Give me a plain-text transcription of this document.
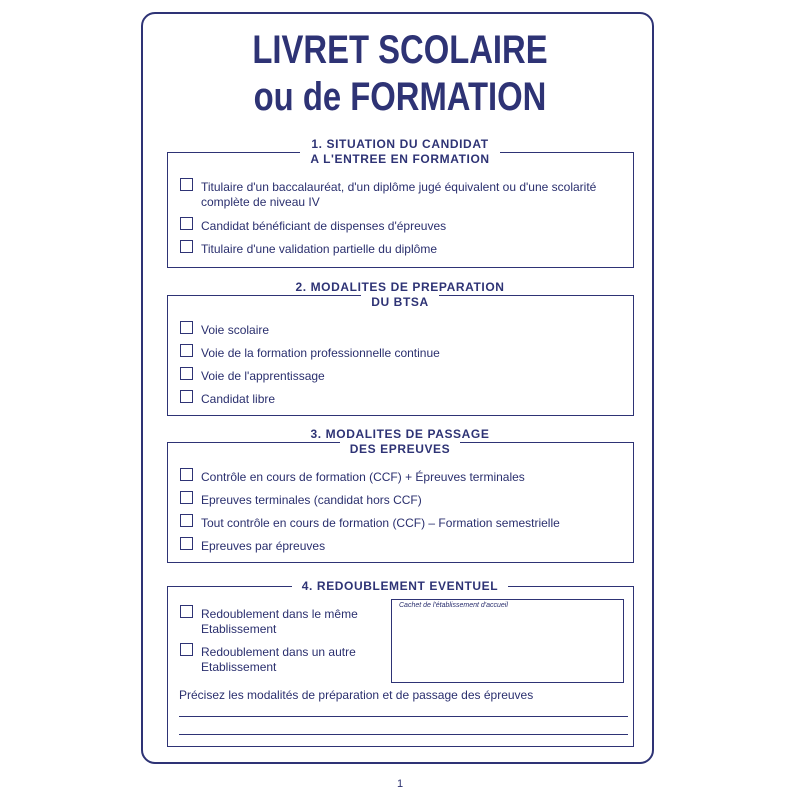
LIVRET SCOLAIRE
ou de FORMATION
1. SITUATION DU CANDIDAT
A L'ENTREE EN FORMATION
Titulaire d'un baccalauréat, d'un diplôme jugé équivalent ou d'une scolarité
complète de niveau IV
Candidat bénéficiant de dispenses d'épreuves
Titulaire d'une validation partielle du diplôme
2. MODALITES DE PREPARATION
DU BTSA
Voie scolaire
Voie de la formation professionnelle continue
Voie de l'apprentissage
Candidat libre
3. MODALITES DE PASSAGE
DES EPREUVES
Contrôle en cours de formation (CCF) + Épreuves terminales
Epreuves terminales (candidat hors CCF)
Tout contrôle en cours de formation (CCF) – Formation semestrielle
Epreuves par épreuves
4. REDOUBLEMENT EVENTUEL
Redoublement dans le même
Etablissement
Redoublement dans un autre
Etablissement
Cachet de l'établissement d'accueil
Précisez les modalités de préparation et de passage des épreuves
1
